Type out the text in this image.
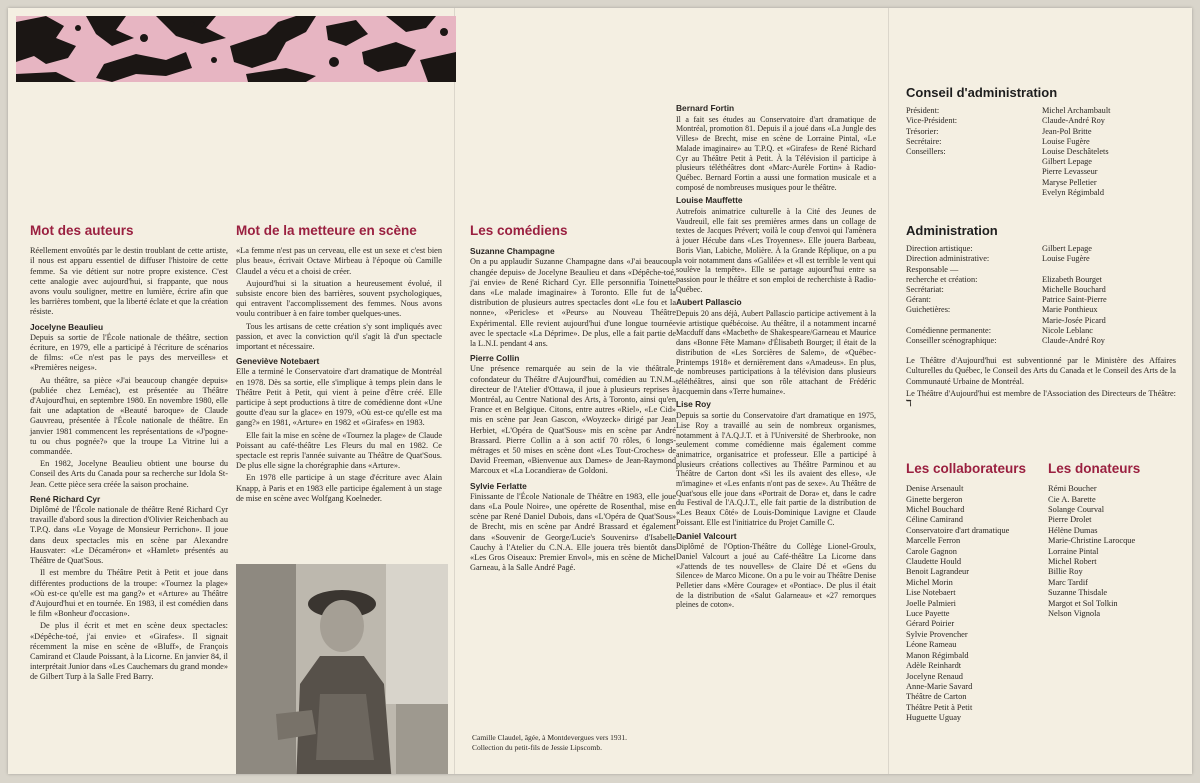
Mot des auteurs

Réellement envoûtés par le destin troublant de cette artiste, il nous est apparu essentiel de diffuser l'histoire de cette femme. Sa vie détient sur notre propre existence. C'est cette analogie avec aujourd'hui, si frappante, que nous avons voulu souligner, mettre en lumière, écrire afin que les barrières tombent, que la liberté éclate et que la création résiste.

Jocelyne Beaulieu

Depuis sa sortie de l'École nationale de théâtre, section écriture, en 1979, elle a participé à l'écriture de scénarios de films: «Ce n'est pas le pays des merveilles» et «Premières neiges».

Au théâtre, sa pièce «J'ai beaucoup changée depuis» (publiée chez Leméac), est présentée au Théâtre d'Aujourd'hui, en septembre 1980. En novembre 1980, elle fait une adaptation de «Beauté baroque» de Claude Gauvreau, présentée à l'École nationale de théâtre. En janvier 1981 commencent les représentations de «J'pogne-tu ou chus pognée?» que la troupe La Vitrine lui a commandée.

En 1982, Jocelyne Beaulieu obtient une bourse du Conseil des Arts du Canada pour sa recherche sur Idola St-Jean. Cette pièce sera créée la saison prochaine.

René Richard Cyr

Diplômé de l'École nationale de théâtre René Richard Cyr travaille d'abord sous la direction d'Olivier Reichenbach au T.P.Q. dans «Le Voyage de Monsieur Perrichon». Il joue dans deux spectacles mis en scène par Alexandre Hausvater: «Le Décaméron» et «Hamlet» présentés au Théâtre de Quat'Sous.

Il est membre du Théâtre Petit à Petit et joue dans différentes productions de la troupe: «Tournez la plage» «Où est-ce qu'elle est ma gang?» et «Arture» au Théâtre d'Aujourd'hui et en tournée. En 1983, il est comédien dans le film «Bonheur d'occasion».

De plus il écrit et met en scène deux spectacles: «Dépêche-toé, j'ai envie» et «Girafes». Il signait récemment la mise en scène de «Bluff», de François Camirand et Claude Poissant, à la Licorne. En janvier 84, il interprétait Junior dans «Les Cauchemars du grand monde» de Gilbert Turp à la Salle Fred Barry.

Mot de la metteure en scène

«La femme n'est pas un cerveau, elle est un sexe et c'est bien plus beau», écrivait Octave Mirbeau à l'époque où Camille Claudel a vécu et a choisi de créer.

Aujourd'hui si la situation a heureusement évolué, il subsiste encore bien des barrières, souvent psychologiques, qui entravent l'accomplissement des femmes. Nous avons voulu contribuer à en faire tomber quelques-unes.

Tous les artisans de cette création s'y sont impliqués avec passion, et avec la conviction qu'il s'agit là d'un spectacle important et nécessaire.

Geneviève Notebaert

Elle a terminé le Conservatoire d'art dramatique de Montréal en 1978. Dès sa sortie, elle s'implique à temps plein dans le Théâtre Petit à Petit, qui vient à peine d'être créé. Elle participe à sept productions à titre de comédienne dont «Une goutte d'eau sur la glace» en 1979, «Où est-ce qu'elle est ma gang?» en 1981, «Arture» en 1982 et «Girafes» en 1983.

Elle fait la mise en scène de «Tournez la plage» de Claude Poissant au café-théâtre Les Fleurs du mal en 1982. Ce spectacle est repris l'année suivante au Théâtre de Quat'Sous. De plus elle signe la chorégraphie dans «Arture».

En 1978 elle participe à un stage d'écriture avec Alain Knapp, à Paris et en 1983 elle participe également à un stage de mise en scène avec Wolfgang Koelneder.

Camille Claudel, âgée, à Montdevergues vers 1931.
Collection du petit-fils de Jessie Lipscomb.
Les comédiens
Suzanne Champagne

On a pu applaudir Suzanne Champagne dans «J'ai beaucoup changée depuis» de Jocelyne Beaulieu et dans «Dépêche-toé, j'ai envie» de René Richard Cyr. Elle personnifia Toinette dans «Le malade imaginaire» à Toronto. Elle fut de la distribution de plusieurs autres spectacles dont «Le fou et la nonne», «Pericles» et «Peurs» au Nouveau Théâtre Expérimental. Elle revient aujourd'hui d'une longue tournée avec le spectacle «La Déprime». De plus, elle a fait partie de la L.N.I. pendant 4 ans.

Pierre Collin

Une présence remarquée au sein de la vie théâtrale, cofondateur du Théâtre d'Aujourd'hui, comédien au T.N.M., directeur de l'Atelier d'Ottawa, il joue à plusieurs reprises à Montréal, au Centre National des Arts, à Toronto, ainsi qu'en France et en Belgique. Citons, entre autres «Riel», «Le Cid» mis en scène par Jean Gascon, «Woyzeck» dirigé par Jean Herbiet, «L'Opéra de Quat'Sous» mis en scène par André Brassard. Pierre Collin a à son actif 70 rôles, 6 longs-métrages et 50 mises en scène dont «Les Tout-Croches» de David Freeman, «Bienvenue aux Dames» de Jean-Raymond Marcoux et «La Locandiera» de Goldoni.

Sylvie Ferlatte

Finissante de l'École Nationale de Théâtre en 1983, elle joue dans «La Poule Noire», une opérette de Rosenthal, mise en scène par René Daniel Dubois, dans «L'Opéra de Quat'Sous» de Brecht, mis en scène par André Brassard et également dans «Souvenir de George/Lucie's Souvenirs» d'Isabelle Cauchy à l'Atelier du C.N.A. Elle jouera très bientôt dans «Les Gros Oiseaux: Premier Envol», mis en scène de Michel Garneau, à la Salle André Pagé.

Bernard Fortin

Il a fait ses études au Conservatoire d'art dramatique de Montréal, promotion 81. Depuis il a joué dans «La Jungle des Villes» de Brecht, mise en scène de Lorraine Pintal, «Le Malade imaginaire» au T.P.Q. et «Girafes» de René Richard Cyr au Théâtre Petit à Petit. À la Télévision il participe à plusieurs téléthéâtres dont «Marc-Aurèle Fortin» à Radio-Québec. Bernard Fortin a aussi une formation musicale et a composé de nombreuses musiques pour le théâtre.

Louise Mauffette

Autrefois animatrice culturelle à la Cité des Jeunes de Vaudreuil, elle fait ses premières armes dans un collage de textes de Jacques Prévert; voilà le coup d'envoi qui l'amènera à jouer Hécube dans «Les Troyennes». Elle jouera Barbeau, Boris Vian, Labiche, Molière. À la Grande Réplique, on a pu la voir notamment dans «Galilée» et «Il est terrible le vent qui soulève la tempête». Elle se partage aujourd'hui entre sa passion pour le théâtre et son emploi de recherchiste à Radio-Québec.

Aubert Pallascio

Depuis 20 ans déjà, Aubert Pallascio participe activement à la vie artistique québécoise. Au théâtre, il a notamment incarné Macduff dans «Macbeth» de Shakespeare/Garneau et Maurice dans «Bonne Fête Maman» d'Élisabeth Bourget; il était de la distribution de «Les Sorcières de Salem», de «Québec-Printemps 1918» et dernièrement dans «Amadeus». En plus, de nombreuses participations à la télévision dans plusieurs téléthéâtres, ainsi que son rôle attachant de Frédéric Jacquemin dans «Terre humaine».

Lise Roy

Depuis sa sortie du Conservatoire d'art dramatique en 1975, Lise Roy a travaillé au sein de nombreux organismes, notamment à l'A.Q.J.T. et à l'Université de Sherbrooke, non seulement comme comédienne mais également comme animatrice, organisatrice et professeur. Elle a participé à plusieurs créations collectives au Théâtre Parminou et au Théâtre de Carton dont «Si les ils avaient des elles», «Je m'imagine» et «Les enfants n'ont pas de sexe». Au Théâtre de Quat'sous elle joue dans «Portrait de Dora» et, dans le cadre du Festival de l'A.Q.J.T., elle fait partie de la distribution de «Les Beaux Côté» de Louis-Dominique Lavigne et Claude Poissant. Elle est l'initiatrice du Projet Camille C.

Daniel Valcourt

Diplômé de l'Option-Théâtre du Collège Lionel-Groulx, Daniel Valcourt a joué au Café-théâtre La Licorne dans «J'attends de tes nouvelles» de Claire Dé et «Gens du Silence» de Marco Micone. On a pu le voir au Théâtre Denise Pelletier dans «Mère Courage» et «Pontiac». De plus il était de la distribution de «Salut Galarneau» et «27 remorques pleines de coton».

Conseil d'administration
Président:	Michel Archambault
Vice-Président:	Claude-André Roy
Trésorier:	Jean-Pol Britte
Secrétaire:	Louise Fugère
Conseillers:	Louise Deschâtelets
Gilbert Lepage
Pierre Levasseur
Maryse Pelletier
Evelyn Régimbald
Administration
Direction artistique:	Gilbert Lepage
Direction administrative:	Louise Fugère
Responsable —
recherche et création:	Elizabeth Bourget
Secrétariat:	Michelle Bouchard
Gérant:	Patrice Saint-Pierre
Guichetières:	Marie Ponthieux
Marie-Josée Picard
Comédienne permanente:	Nicole Leblanc
Conseiller scénographique:	Claude-André Roy

Le Théâtre d'Aujourd'hui est subventionné par le Ministère des Affaires Culturelles du Québec, le Conseil des Arts du Canada et le Conseil des Arts de la Communauté Urbaine de Montréal.

Le Théâtre d'Aujourd'hui est membre de l'Association des Directeurs de Théâtre: ℸ

Les collaborateurs
Denise Arsenault
Ginette bergeron
Michel Bouchard
Céline Camirand
Conservatoire d'art dramatique
Marcelle Ferron
Carole Gagnon
Claudette Hould
Benoit Lagrandeur
Michel Morin
Lise Notebaert
Joelle Palmieri
Luce Payette
Gérard Poirier
Sylvie Provencher
Léone Rameau
Manon Régimbald
Adèle Reinhardt
Jocelyne Renaud
Anne-Marie Savard
Théâtre de Carton
Théâtre Petit à Petit
Huguette Uguay
Les donateurs
Rémi Boucher
Cie A. Barette
Solange Courval
Pierre Drolet
Hélène Dumas
Marie-Christine Larocque
Lorraine Pintal
Michel Robert
Billie Roy
Marc Tardif
Suzanne Thisdale
Margot et Sol Tolkin
Nelson Vignola
